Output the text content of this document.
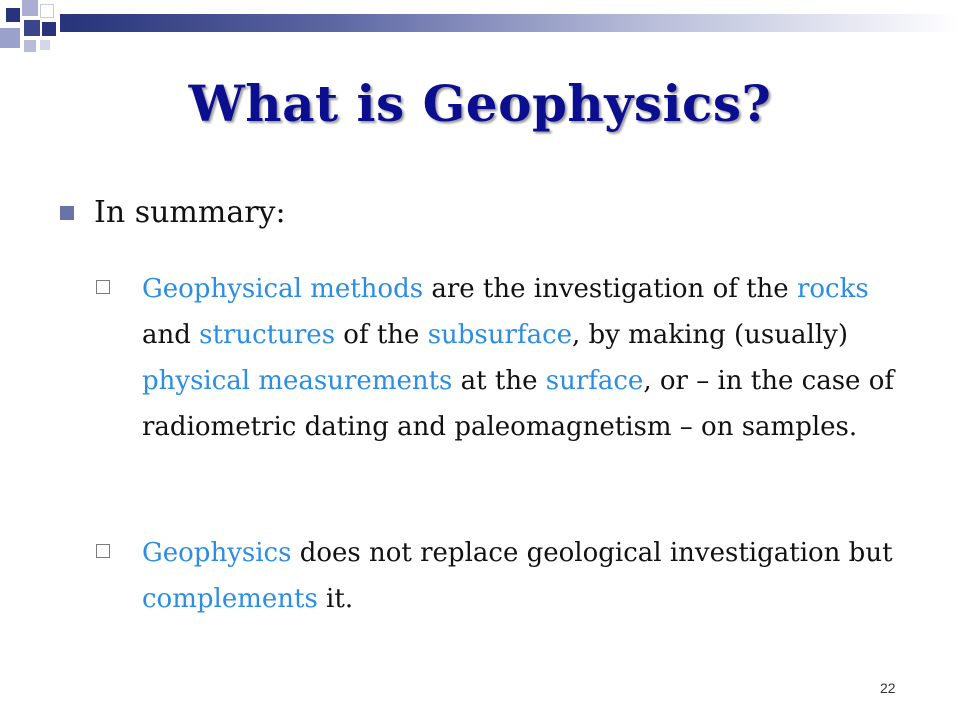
What is Geophysics?
In summary:
Geophysical methods are the investigation of the rocks and structures of the subsurface, by making (usually) physical measurements at the surface, or – in the case of radiometric dating and paleomagnetism – on samples.
Geophysics does not replace geological investigation but complements it.
22
